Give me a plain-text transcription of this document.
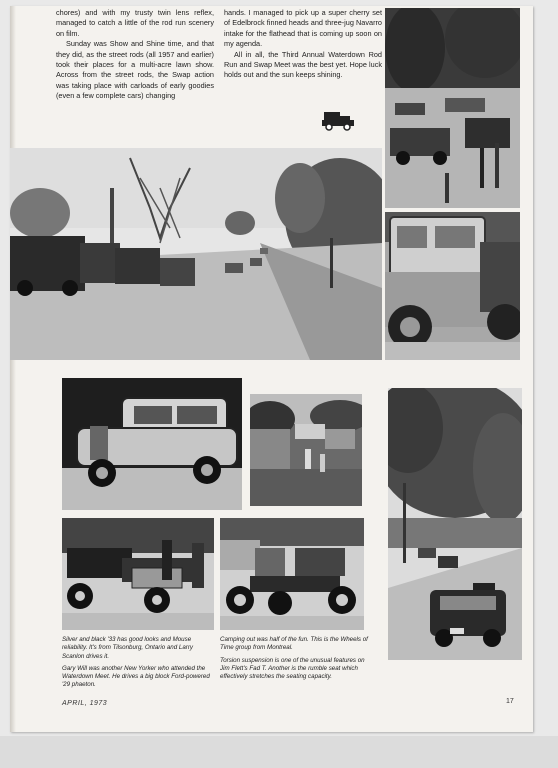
chores) and with my trusty twin lens reflex, managed to catch a little of the rod run scenery on film.

Sunday was Show and Shine time, and that they did, as the street rods (all 1957 and earlier) took their places for a multi-acre lawn show. Across from the street rods, the Swap action was taking place with carloads of early goodies (even a few complete cars) changing

hands. I managed to pick up a super cherry set of Edelbrock finned heads and three-jug Navarro intake for the flathead that is coming up soon on my agenda.

All in all, the Third Annual Waterdown Rod Run and Swap Meet was the best yet. Hope luck holds out and the sun keeps shining.

Silver and black '33 has good looks and Mouse reliability. It's from Tilsonburg, Ontario and Larry Scanlon drives it.

Gary Will was another New Yorker who attended the Waterdown Meet. He drives a big block Ford-powered '29 phaeton.

Camping out was half of the fun. This is the Wheels of Time group from Montreal.

Torsion suspension is one of the unusual features on Jim Flett's Fad T. Another is the rumble seat which effectively stretches the seating capacity.

APRIL, 1973	17
